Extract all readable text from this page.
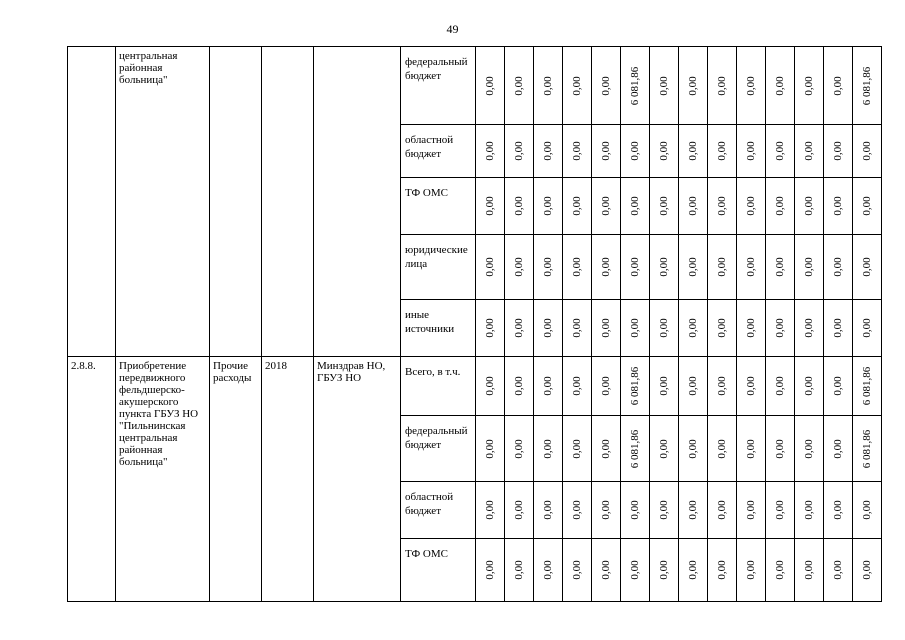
49
	центральная районная больница"				федеральный бюджет	0,00	0,00	0,00	0,00	0,00	6 081,86	0,00	0,00	0,00	0,00	0,00	0,00	0,00	6 081,86

					областной бюджет	0,00	0,00	0,00	0,00	0,00	0,00	0,00	0,00	0,00	0,00	0,00	0,00	0,00	0,00

					ТФ ОМС	0,00	0,00	0,00	0,00	0,00	0,00	0,00	0,00	0,00	0,00	0,00	0,00	0,00	0,00

					юридические лица	0,00	0,00	0,00	0,00	0,00	0,00	0,00	0,00	0,00	0,00	0,00	0,00	0,00	0,00

					иные источники	0,00	0,00	0,00	0,00	0,00	0,00	0,00	0,00	0,00	0,00	0,00	0,00	0,00	0,00

2.8.8.	Приобретение передвижного фельдшерско-акушерского пункта ГБУЗ НО "Пильнинская центральная районная больница"	Прочие расходы	2018	Минздрав НО, ГБУЗ НО	Всего, в т.ч.	0,00	0,00	0,00	0,00	0,00	6 081,86	0,00	0,00	0,00	0,00	0,00	0,00	0,00	6 081,86

					федеральный бюджет	0,00	0,00	0,00	0,00	0,00	6 081,86	0,00	0,00	0,00	0,00	0,00	0,00	0,00	6 081,86

					областной бюджет	0,00	0,00	0,00	0,00	0,00	0,00	0,00	0,00	0,00	0,00	0,00	0,00	0,00	0,00

					ТФ ОМС	0,00	0,00	0,00	0,00	0,00	0,00	0,00	0,00	0,00	0,00	0,00	0,00	0,00	0,00
